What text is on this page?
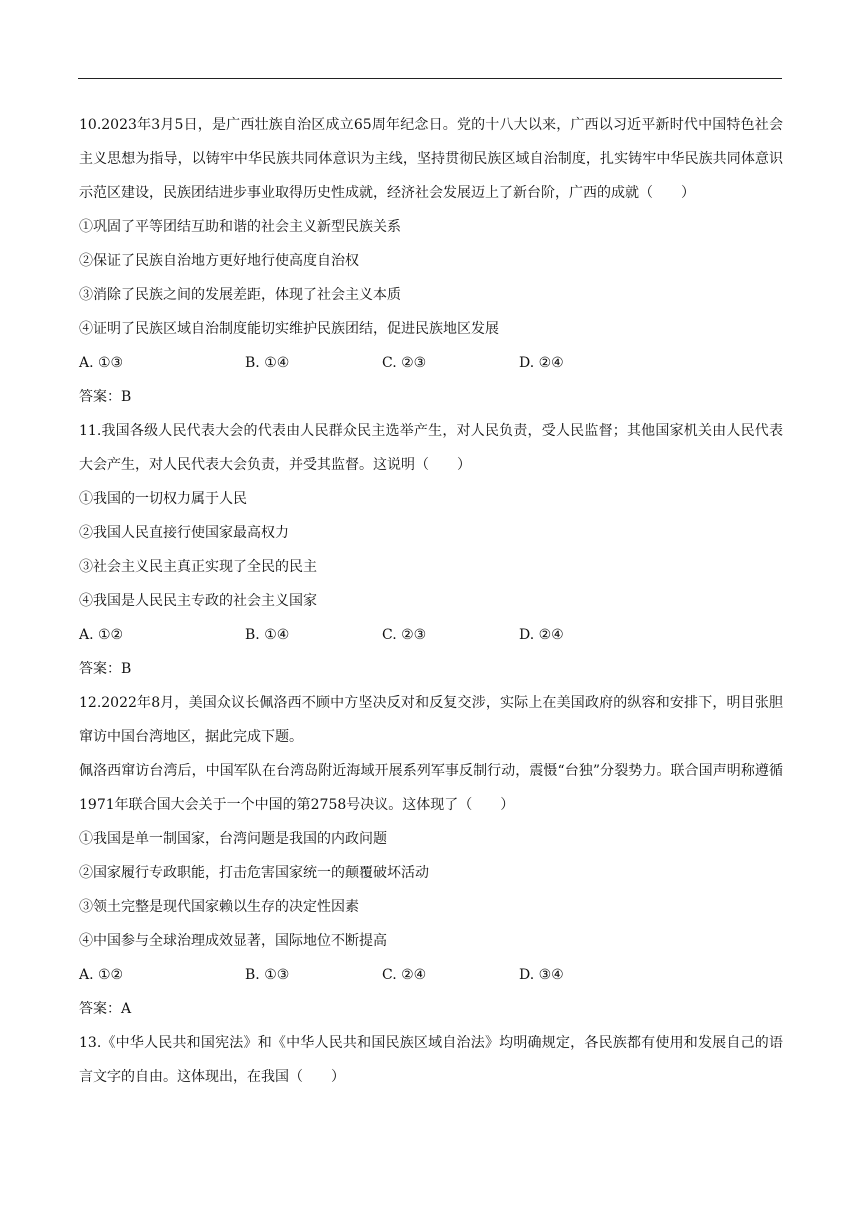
10.2023年3月5日，是广西壮族自治区成立65周年纪念日。党的十八大以来，广西以习近平新时代中国特色社会主义思想为指导，以铸牢中华民族共同体意识为主线，坚持贯彻民族区域自治制度，扎实铸牢中华民族共同体意识示范区建设，民族团结进步事业取得历史性成就，经济社会发展迈上了新台阶，广西的成就（　　）
①巩固了平等团结互助和谐的社会主义新型民族关系
②保证了民族自治地方更好地行使高度自治权
③消除了民族之间的发展差距，体现了社会主义本质
④证明了民族区域自治制度能切实维护民族团结，促进民族地区发展
A. ①③	B. ①④	C. ②③	D. ②④
答案：B
11.我国各级人民代表大会的代表由人民群众民主选举产生，对人民负责，受人民监督；其他国家机关由人民代表大会产生，对人民代表大会负责，并受其监督。这说明（　　）
①我国的一切权力属于人民
②我国人民直接行使国家最高权力
③社会主义民主真正实现了全民的民主
④我国是人民民主专政的社会主义国家
A. ①②	B. ①④	C. ②③	D. ②④
答案：B
12.2022年8月，美国众议长佩洛西不顾中方坚决反对和反复交涉，实际上在美国政府的纵容和安排下，明目张胆窜访中国台湾地区，据此完成下题。
佩洛西窜访台湾后，中国军队在台湾岛附近海域开展系列军事反制行动，震慑“台独”分裂势力。联合国声明称遵循1971年联合国大会关于一个中国的第2758号决议。这体现了（　　）
①我国是单一制国家，台湾问题是我国的内政问题
②国家履行专政职能，打击危害国家统一的颠覆破坏活动
③领土完整是现代国家赖以生存的决定性因素
④中国参与全球治理成效显著，国际地位不断提高
A. ①②	B. ①③	C. ②④	D. ③④
答案：A
13.《中华人民共和国宪法》和《中华人民共和国民族区域自治法》均明确规定，各民族都有使用和发展自己的语言文字的自由。这体现出，在我国（　　）
